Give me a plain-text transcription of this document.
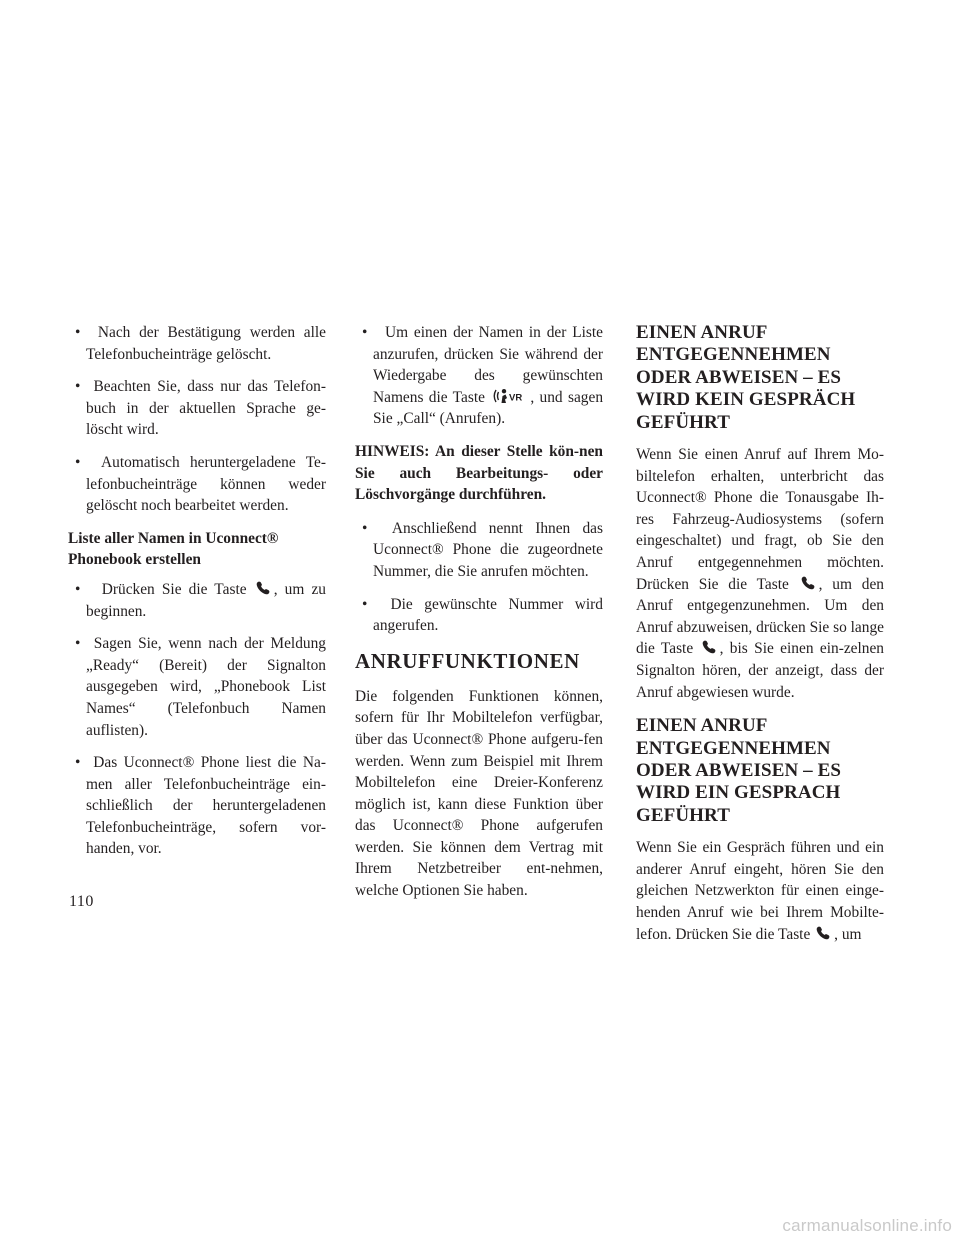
•  Nach der Bestätigung werden alle Telefonbucheinträge gelöscht.

•  Beachten Sie, dass nur das Telefon-buch in der aktuellen Sprache ge-löscht wird.

•  Automatisch heruntergeladene Te-lefonbucheinträge können weder gelöscht noch bearbeitet werden.

Liste aller Namen in Uconnect® Phonebook erstellen

•  Drücken Sie die Taste , um zu beginnen.

•  Sagen Sie, wenn nach der Meldung „Ready“ (Bereit) der Signalton ausgegeben wird, „Phonebook List Names“ (Telefonbuch Namen auflisten).

•  Das Uconnect® Phone liest die Na-men aller Telefonbucheinträge ein-schließlich der heruntergeladenen Telefonbucheinträge, sofern vor-handen, vor.

•  Um einen der Namen in der Liste anzurufen, drücken Sie während der Wiedergabe des gewünschten Namens die Taste	VR , und sagen Sie „Call“ (Anrufen).

HINWEIS: An dieser Stelle kön-nen Sie auch Bearbeitungs- oder Löschvorgänge durchführen.

•  Anschließend nennt Ihnen das Uconnect® Phone die zugeordnete Nummer, die Sie anrufen möchten.

•  Die gewünschte Nummer wird angerufen.

ANRUFFUNKTIONEN

Die folgenden Funktionen können, sofern für Ihr Mobiltelefon verfügbar, über das Uconnect® Phone aufgeru-fen werden. Wenn zum Beispiel mit Ihrem Mobiltelefon eine Dreier-Konferenz möglich ist, kann diese Funktion über das Uconnect® Phone aufgerufen werden. Sie können dem Vertrag mit Ihrem Netzbetreiber ent-nehmen, welche Optionen Sie haben.

EINEN ANRUF ENTGEGENNEHMEN ODER ABWEISEN – ES WIRD KEIN GESPRÄCH GEFÜHRT

Wenn Sie einen Anruf auf Ihrem Mo-biltelefon erhalten, unterbricht das Uconnect® Phone die Tonausgabe Ih-res Fahrzeug-Audiosystems (sofern eingeschaltet) und fragt, ob Sie den Anruf entgegennehmen möchten. Drücken Sie die Taste , um den Anruf entgegenzunehmen. Um den Anruf abzuweisen, drücken Sie so lange die Taste , bis Sie einen ein-zelnen Signalton hören, der anzeigt, dass der Anruf abgewiesen wurde.

EINEN ANRUF ENTGEGENNEHMEN ODER ABWEISEN – ES WIRD EIN GESPRACH GEFÜHRT

Wenn Sie ein Gespräch führen und ein anderer Anruf eingeht, hören Sie den gleichen Netzwerkton für einen einge-henden Anruf wie bei Ihrem Mobilte-lefon. Drücken Sie die Taste , um

110
carmanualsonline.info
